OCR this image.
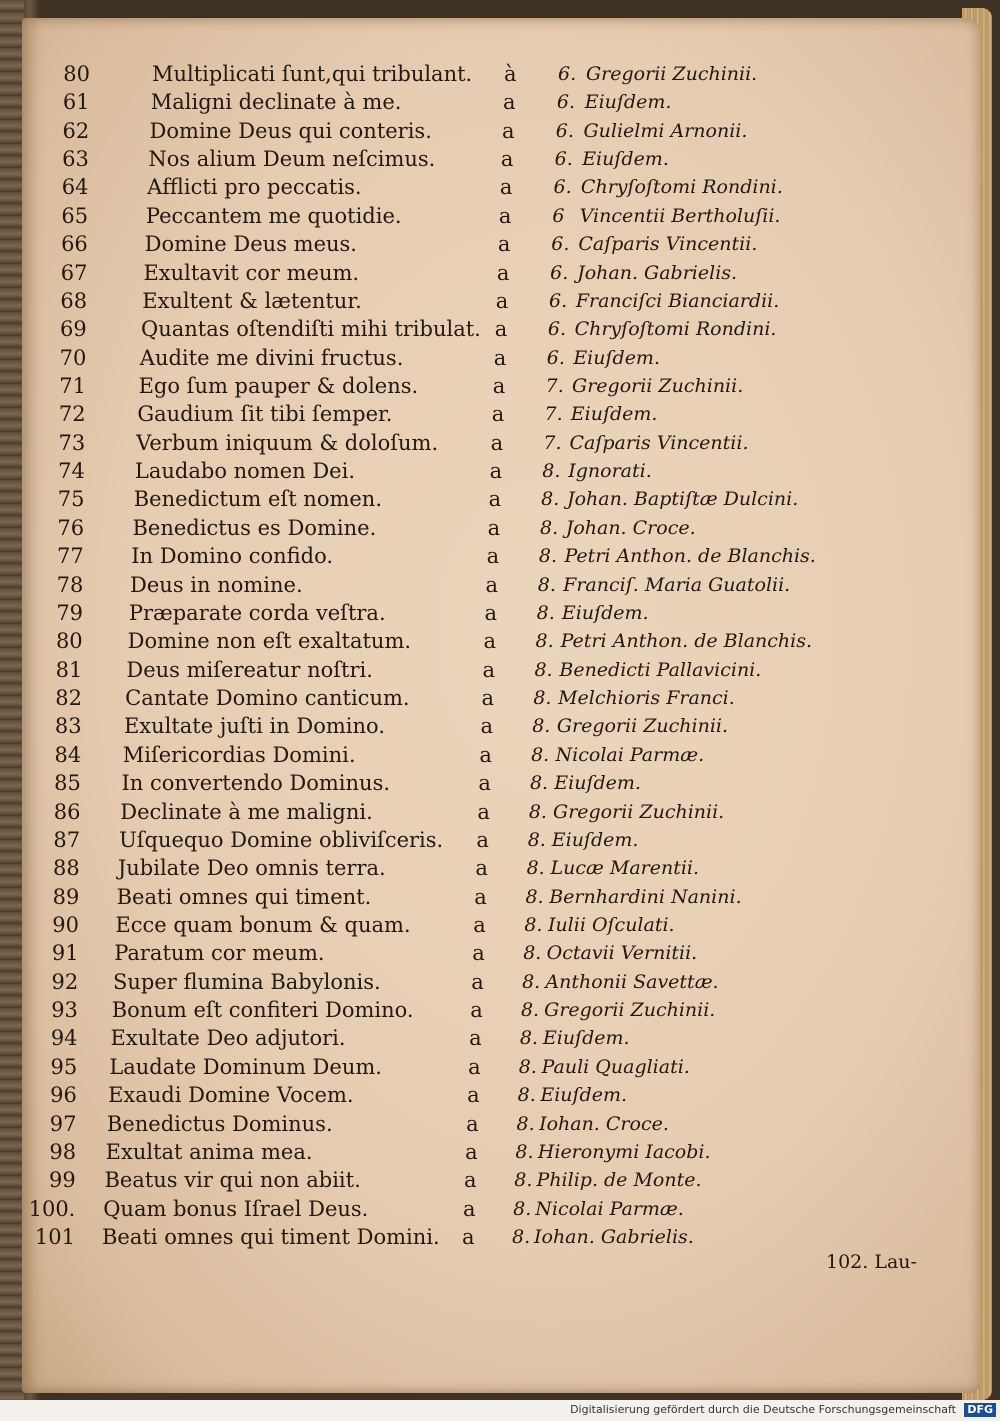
80	Multiplicati ſunt,qui tribulant. à 6. Gregorii Zuchinii.
61	Maligni declinate à me.	a 6. Eiuſdem.
62	Domine Deus qui conteris.	a 6. Gulielmi Arnonii.
63	Nos alium Deum neſcimus.	a 6. Eiuſdem.
64	Afflicti pro peccatis.	a 6. Chryſoſtomi Rondini.
65	Peccantem me quotidie.	a 6 Vincentii Bertholuſii.
66	Domine Deus meus.	a 6. Caſparis Vincentii.
67	Exultavit cor meum.	a 6. Johan. Gabrielis.
68	Exultent & lætentur.	a 6. Franciſci Bianciardii.
69	Quantas oſtendiſti mihi tribulat. a 6. Chryſoſtomi Rondini.
70	Audite me divini fructus.	a 6. Eiuſdem.
71	Ego ſum pauper & dolens.	a 7. Gregorii Zuchinii.
72 Gaudium ſit tibi ſemper.	a 7. Eiuſdem.
73 Verbum iniquum & doloſum.	a 7. Caſparis Vincentii.
74 Laudabo nomen Dei.	a 8. Ignorati.
75 Benedictum eſt nomen.	a 8. Johan. Baptiſtæ Dulcini.
76 Benedictus es Domine.	a 8. Johan. Croce.
77 In Domino confido.	a 8. Petri Anthon. de Blanchis.
78 Deus in nomine.	a 8. Franciſ. Maria Guatolii.
79 Præparate corda veſtra.	a 8. Eiuſdem.
80 Domine non eſt exaltatum.	a 8. Petri Anthon. de Blanchis.
81 Deus miſereatur noſtri.	a 8. Benedicti Pallavicini.
82 Cantate Domino canticum.	a 8. Melchioris Franci.
83 Exultate juſti in Domino.	a 8. Gregorii Zuchinii.
84 Miſericordias Domini.	a 8. Nicolai Parmæ.
85 In convertendo Dominus.	a 8. Eiuſdem.
86 Declinate à me maligni.	a 8. Gregorii Zuchinii.
87 Uſquequo Domine obliviſceris. a 8. Eiuſdem.
88 Jubilate Deo omnis terra.	a 8. Lucæ Marentii.
89 Beati omnes qui timent.	a 8. Bernhardini Nanini.
90 Ecce quam bonum & quam.	a 8. Iulii Oſculati.
91 Paratum cor meum.	a 8. Octavii Vernitii.
92 Super flumina Babylonis.	a 8. Anthonii Savettæ.
93 Bonum eſt confiteri Domino.	a 8. Gregorii Zuchinii.
94 Exultate Deo adjutori.	a 8. Eiuſdem.
95 Laudate Dominum Deum.	a 8. Pauli Quagliati.
96 Exaudi Domine Vocem.	a 8. Eiuſdem.
97 Benedictus Dominus.	a 8. Iohan. Croce.
98 Exultat anima mea.	a 8. Hieronymi Iacobi.
99 Beatus vir qui non abiit.	a 8. Philip. de Monte.
100. Quam bonus Iſrael Deus.	a 8. Nicolai Parmæ.
101 Beati omnes qui timent Domini. a 8. Iohan. Gabrielis.
102. Lau-
Digitalisierung gefördert durch die Deutsche Forschungsgemeinschaft DFG
